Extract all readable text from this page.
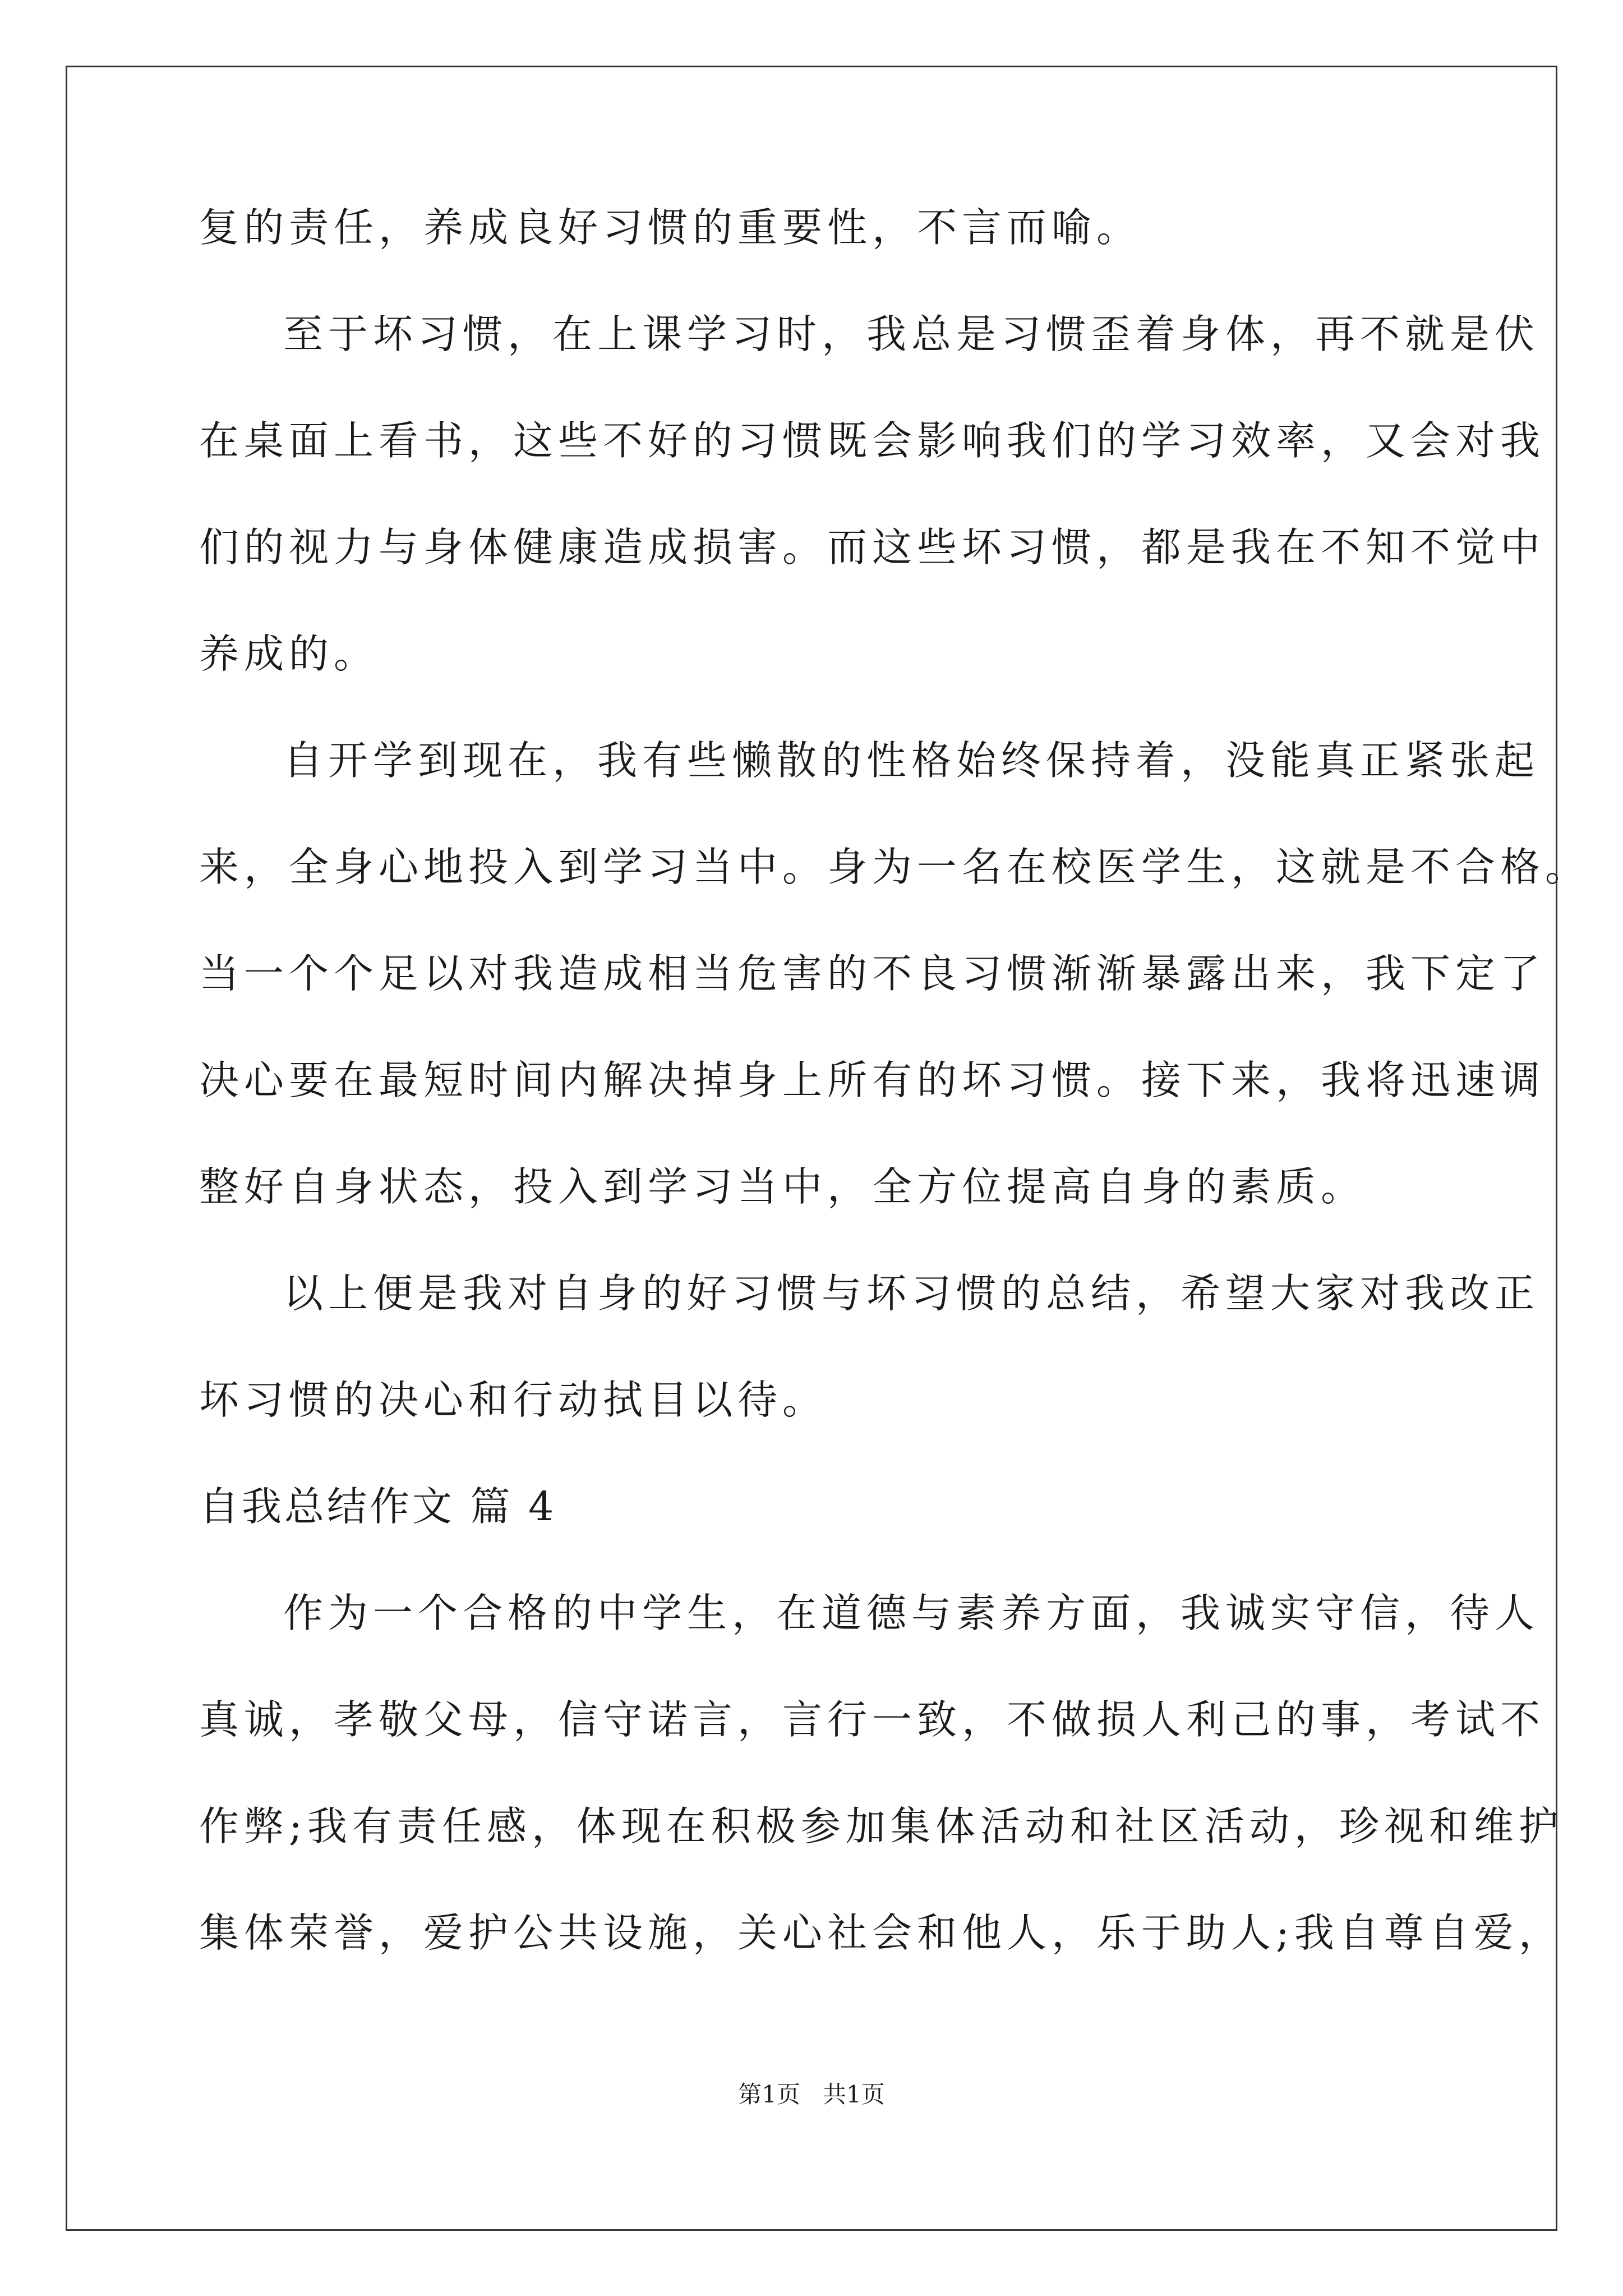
复的责任，养成良好习惯的重要性，不言而喻。
至于坏习惯，在上课学习时，我总是习惯歪着身体，再不就是伏
在桌面上看书，这些不好的习惯既会影响我们的学习效率，又会对我
们的视力与身体健康造成损害。而这些坏习惯，都是我在不知不觉中
养成的。
自开学到现在，我有些懒散的性格始终保持着，没能真正紧张起
来，全身心地投入到学习当中。身为一名在校医学生，这就是不合格。
当一个个足以对我造成相当危害的不良习惯渐渐暴露出来，我下定了
决心要在最短时间内解决掉身上所有的坏习惯。接下来，我将迅速调
整好自身状态，投入到学习当中，全方位提高自身的素质。
以上便是我对自身的好习惯与坏习惯的总结，希望大家对我改正
坏习惯的决心和行动拭目以待。
自我总结作文 篇 4
作为一个合格的中学生，在道德与素养方面，我诚实守信，待人
真诚，孝敬父母，信守诺言，言行一致，不做损人利己的事，考试不
作弊;我有责任感，体现在积极参加集体活动和社区活动，珍视和维护
集体荣誉，爱护公共设施，关心社会和他人，乐于助人;我自尊自爱，
第1页   共1页
